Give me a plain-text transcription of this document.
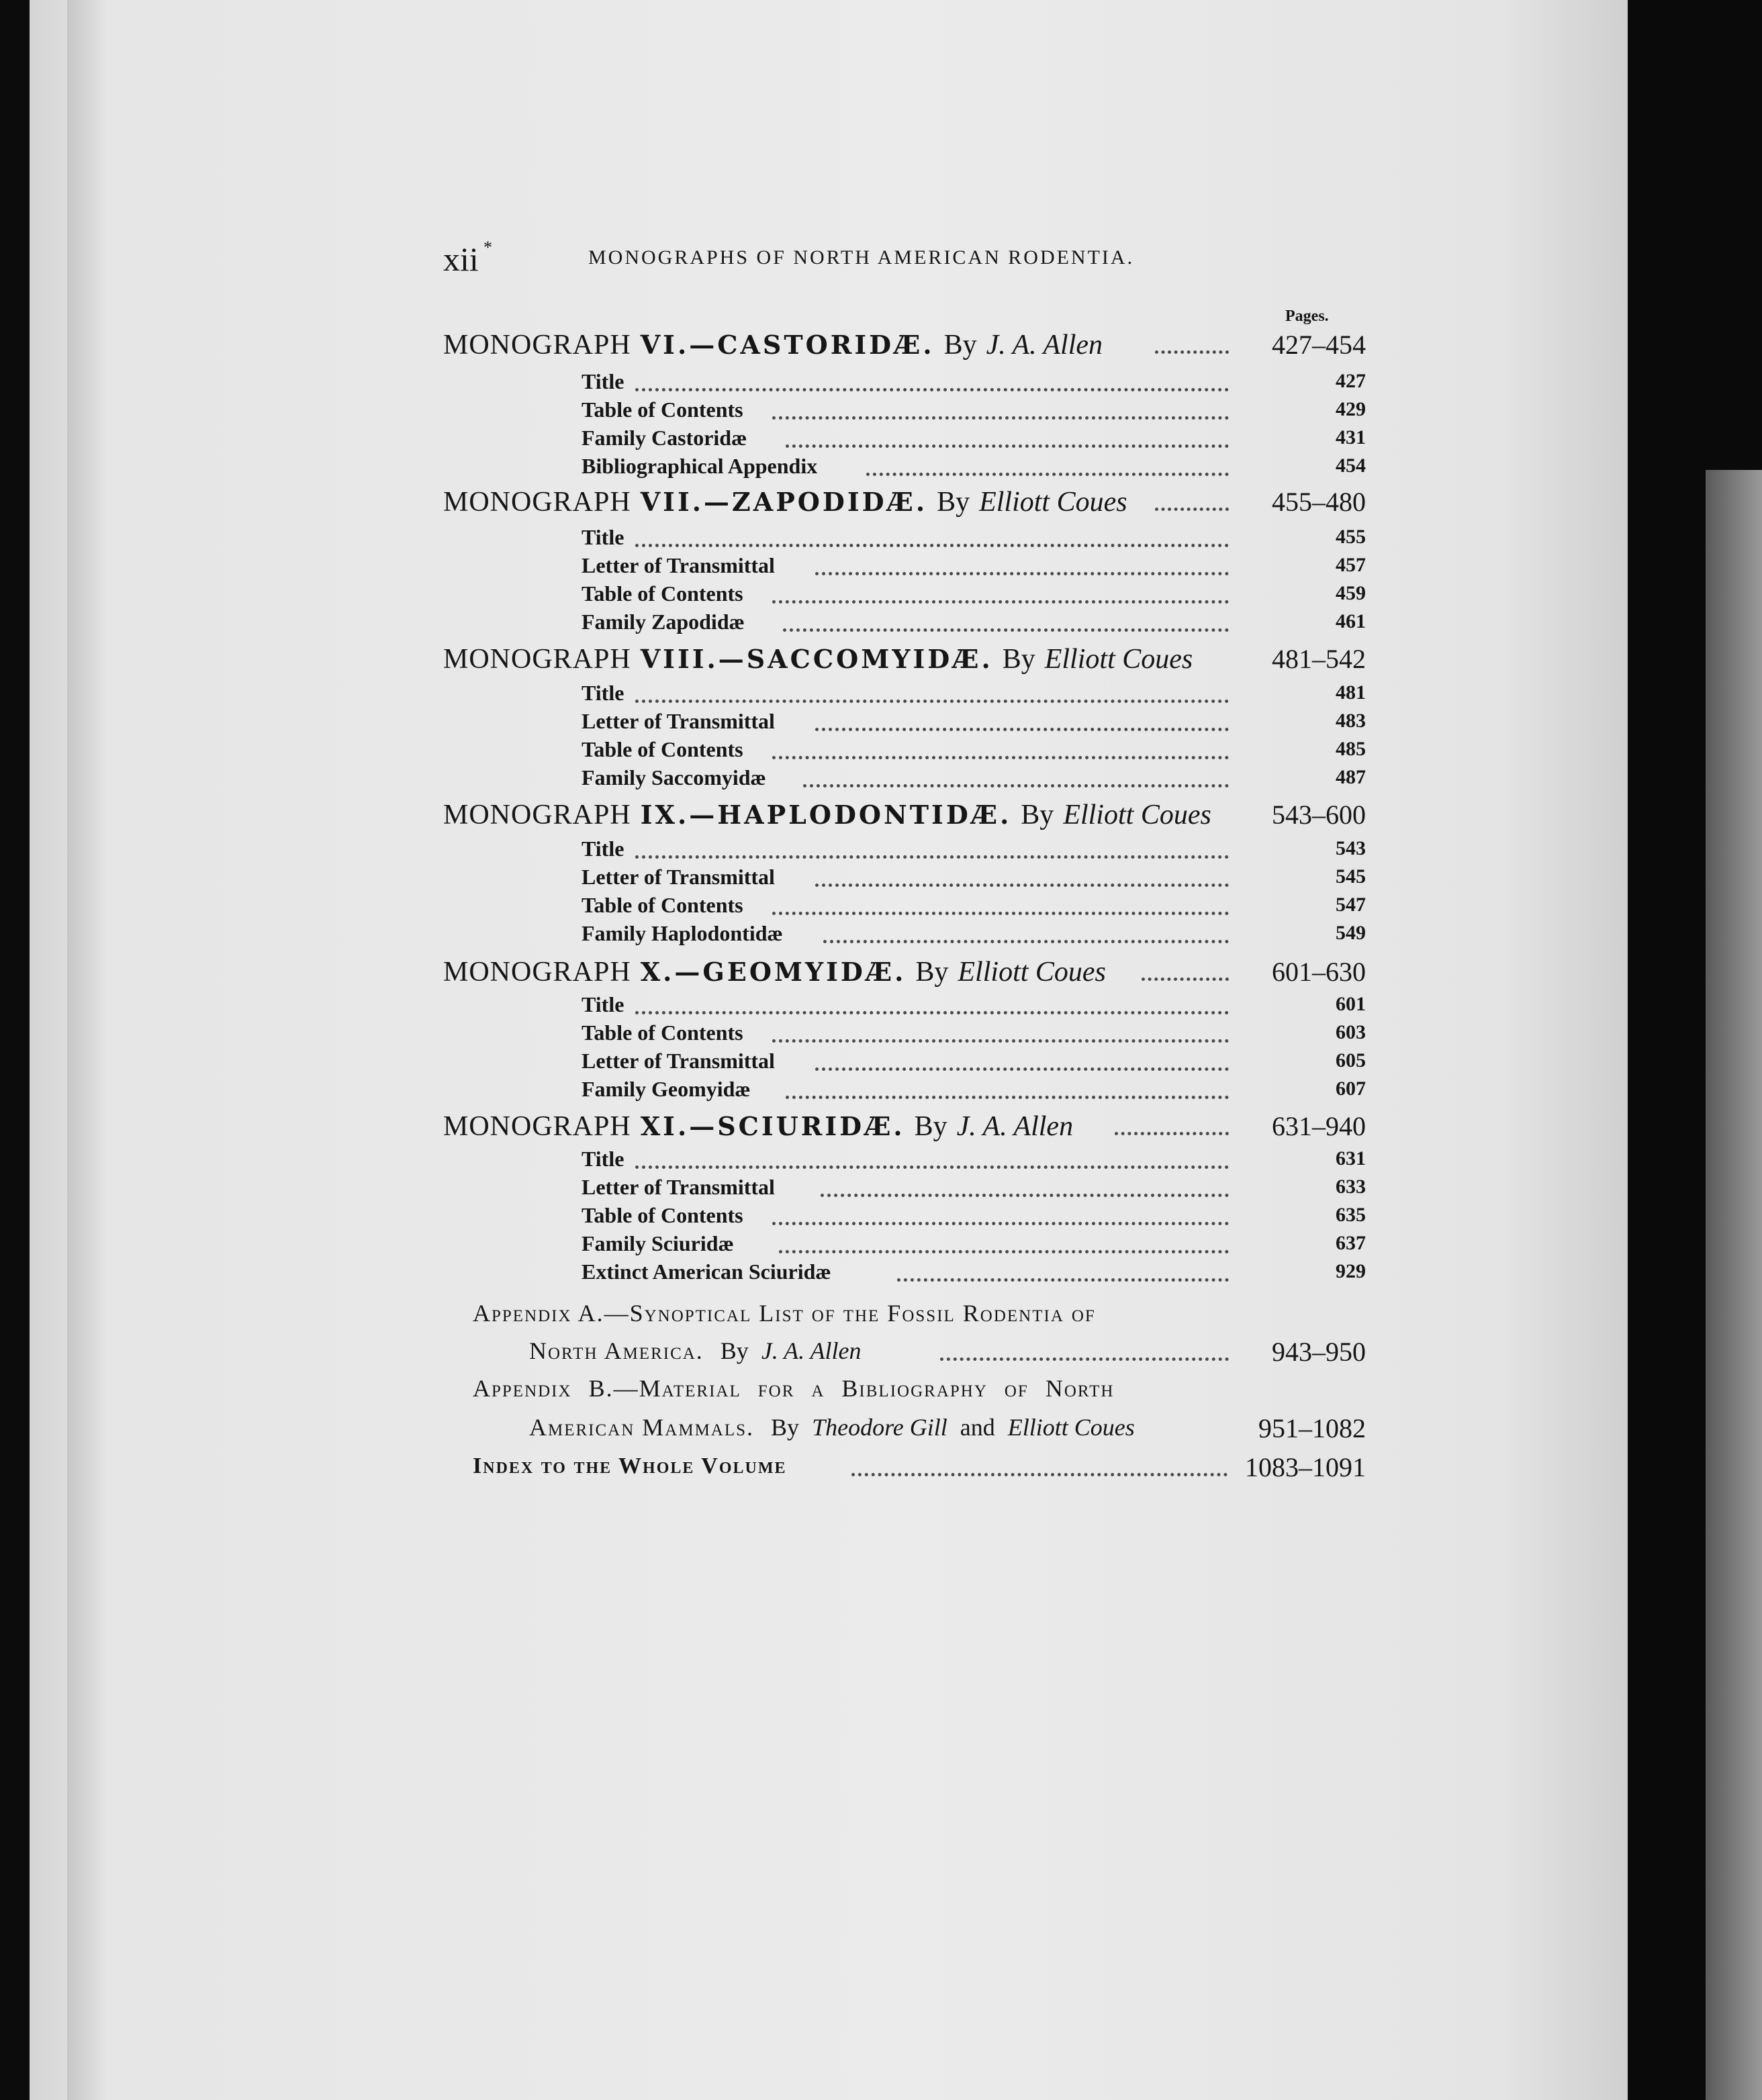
xii *	MONOGRAPHS OF NORTH AMERICAN RODENTIA.
Pages.
MONOGRAPH VI.—CASTORIDÆ. By J. A. Allen	427–454
Title	427
Table of Contents	429
Family Castoridæ	431
Bibliographical Appendix	454
MONOGRAPH VII.—ZAPODIDÆ. By Elliott Coues	455–480
Title	455
Letter of Transmittal	457
Table of Contents	459
Family Zapodidæ	461
MONOGRAPH VIII.—SACCOMYIDÆ. By Elliott Coues	481–542
Title	481
Letter of Transmittal	483
Table of Contents	485
Family Saccomyidæ	487
MONOGRAPH IX.—HAPLODONTIDÆ. By Elliott Coues 543–600
Title	543
Letter of Transmittal	545
Table of Contents	547
Family Haplodontidæ	549
MONOGRAPH X.—GEOMYIDÆ. By Elliott Coues	601–630
Title	601
Table of Contents	603
Letter of Transmittal	605
Family Geomyidæ	607
MONOGRAPH XI.—SCIURIDÆ. By J. A. Allen	631–940
Title	631
Letter of Transmittal	633
Table of Contents	635
Family Sciuridæ	637
Extinct American Sciuridæ	929
Appendix A.—Synoptical List of the Fossil Rodentia of
North America. By J. A. Allen	943–950
Appendix B.—Material for a Bibliography of North
American Mammals. By Theodore Gill and Elliott Coues	951–1082
Index to the Whole Volume	1083–1091
